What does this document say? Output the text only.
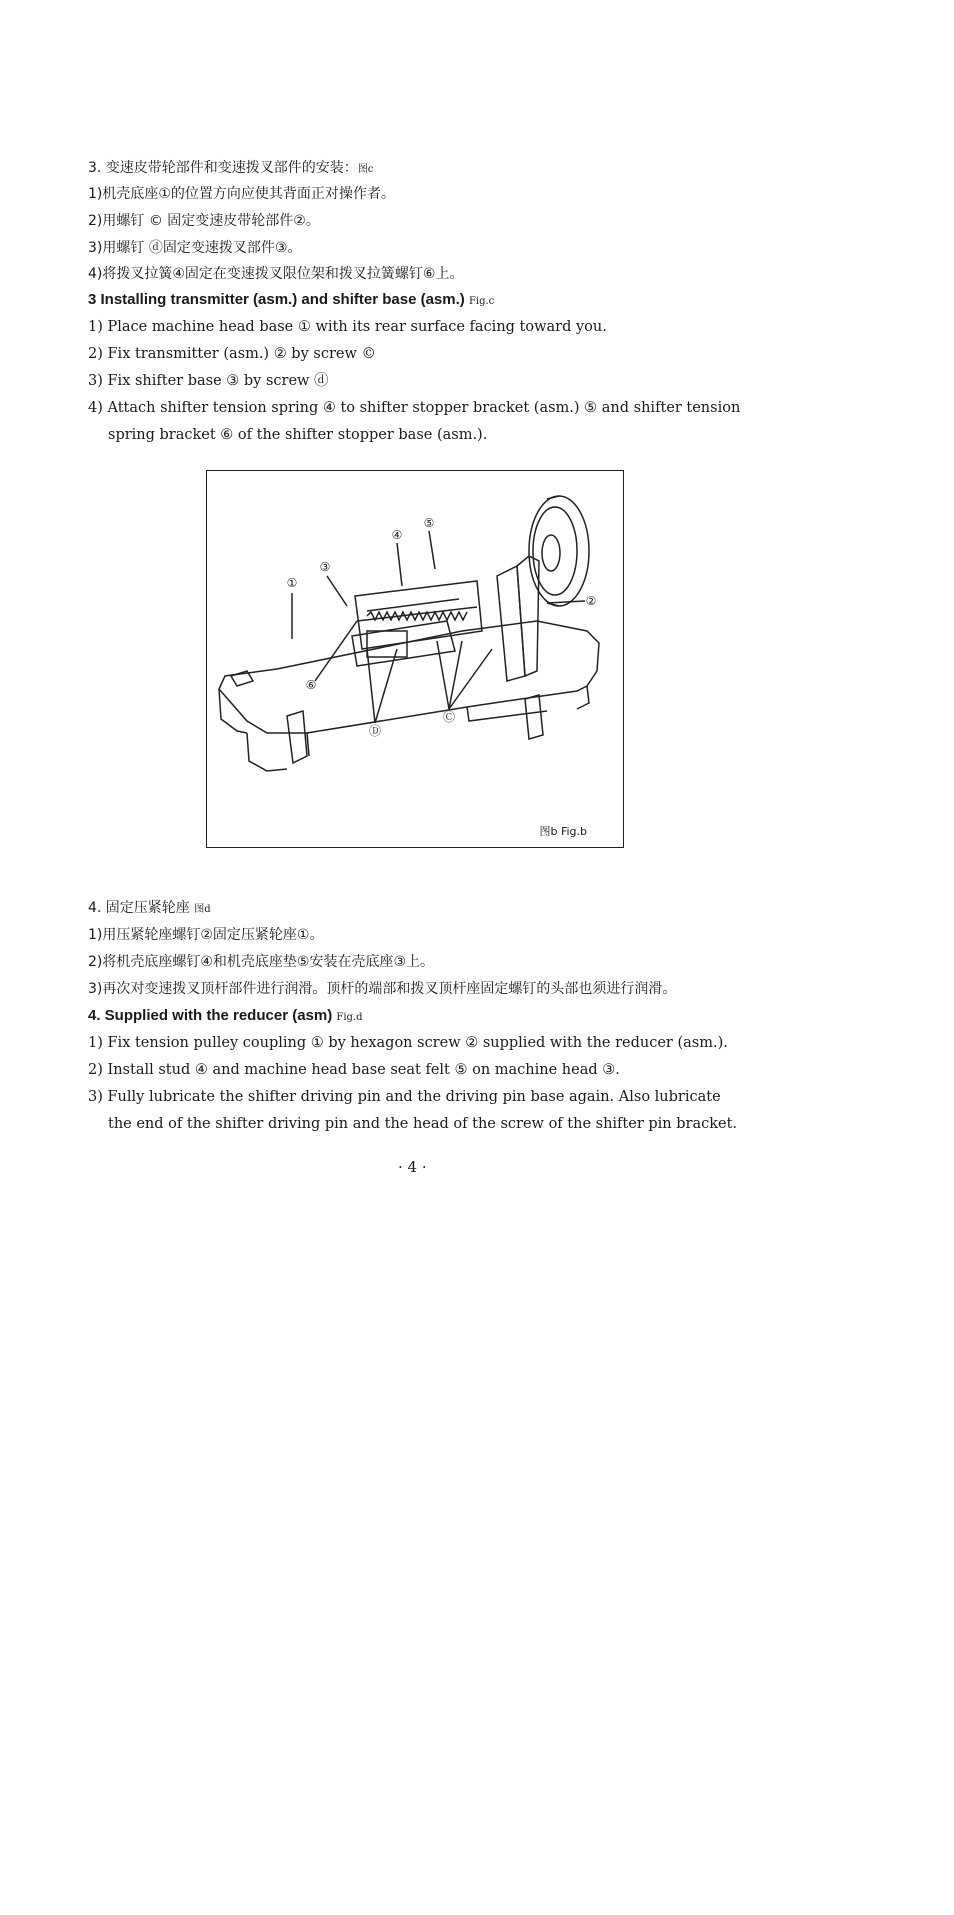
3. 变速皮带轮部件和变速拨叉部件的安装：图c
1)机壳底座①的位置方向应使其背面正对操作者。
2)用螺钉 © 固定变速皮带轮部件②。
3)用螺钉 ⓓ固定变速拨叉部件③。
4)将拨叉拉簧④固定在变速拨叉限位架和拨叉拉簧螺钉⑥上。
3 Installing transmitter (asm.) and shifter base (asm.) Fig.c
1) Place machine head base ① with its rear surface facing toward you.
2) Fix transmitter (asm.) ② by screw ©
3) Fix shifter base ③ by screw ⓓ
4) Attach shifter tension spring ④ to shifter stopper bracket (asm.) ⑤ and shifter tension
spring bracket ⑥ of the shifter stopper base (asm.).
①
②
③
④
⑤
⑥
Ⓓ
Ⓒ
图b Fig.b
4. 固定压紧轮座 图d
1)用压紧轮座螺钉②固定压紧轮座①。
2)将机壳底座螺钉④和机壳底座垫⑤安装在壳底座③上。
3)再次对变速拨叉顶杆部件进行润滑。顶杆的端部和拨叉顶杆座固定螺钉的头部也须进行润滑。
4. Supplied with the reducer (asm) Fig.d
1) Fix tension pulley coupling ① by hexagon screw ② supplied with the reducer (asm.).
2) Install stud ④ and machine head base seat felt ⑤ on machine head ③.
3) Fully lubricate the shifter driving pin and the driving pin base again. Also lubricate
the end of the shifter driving pin and the head of the screw of the shifter pin bracket.
· 4 ·
